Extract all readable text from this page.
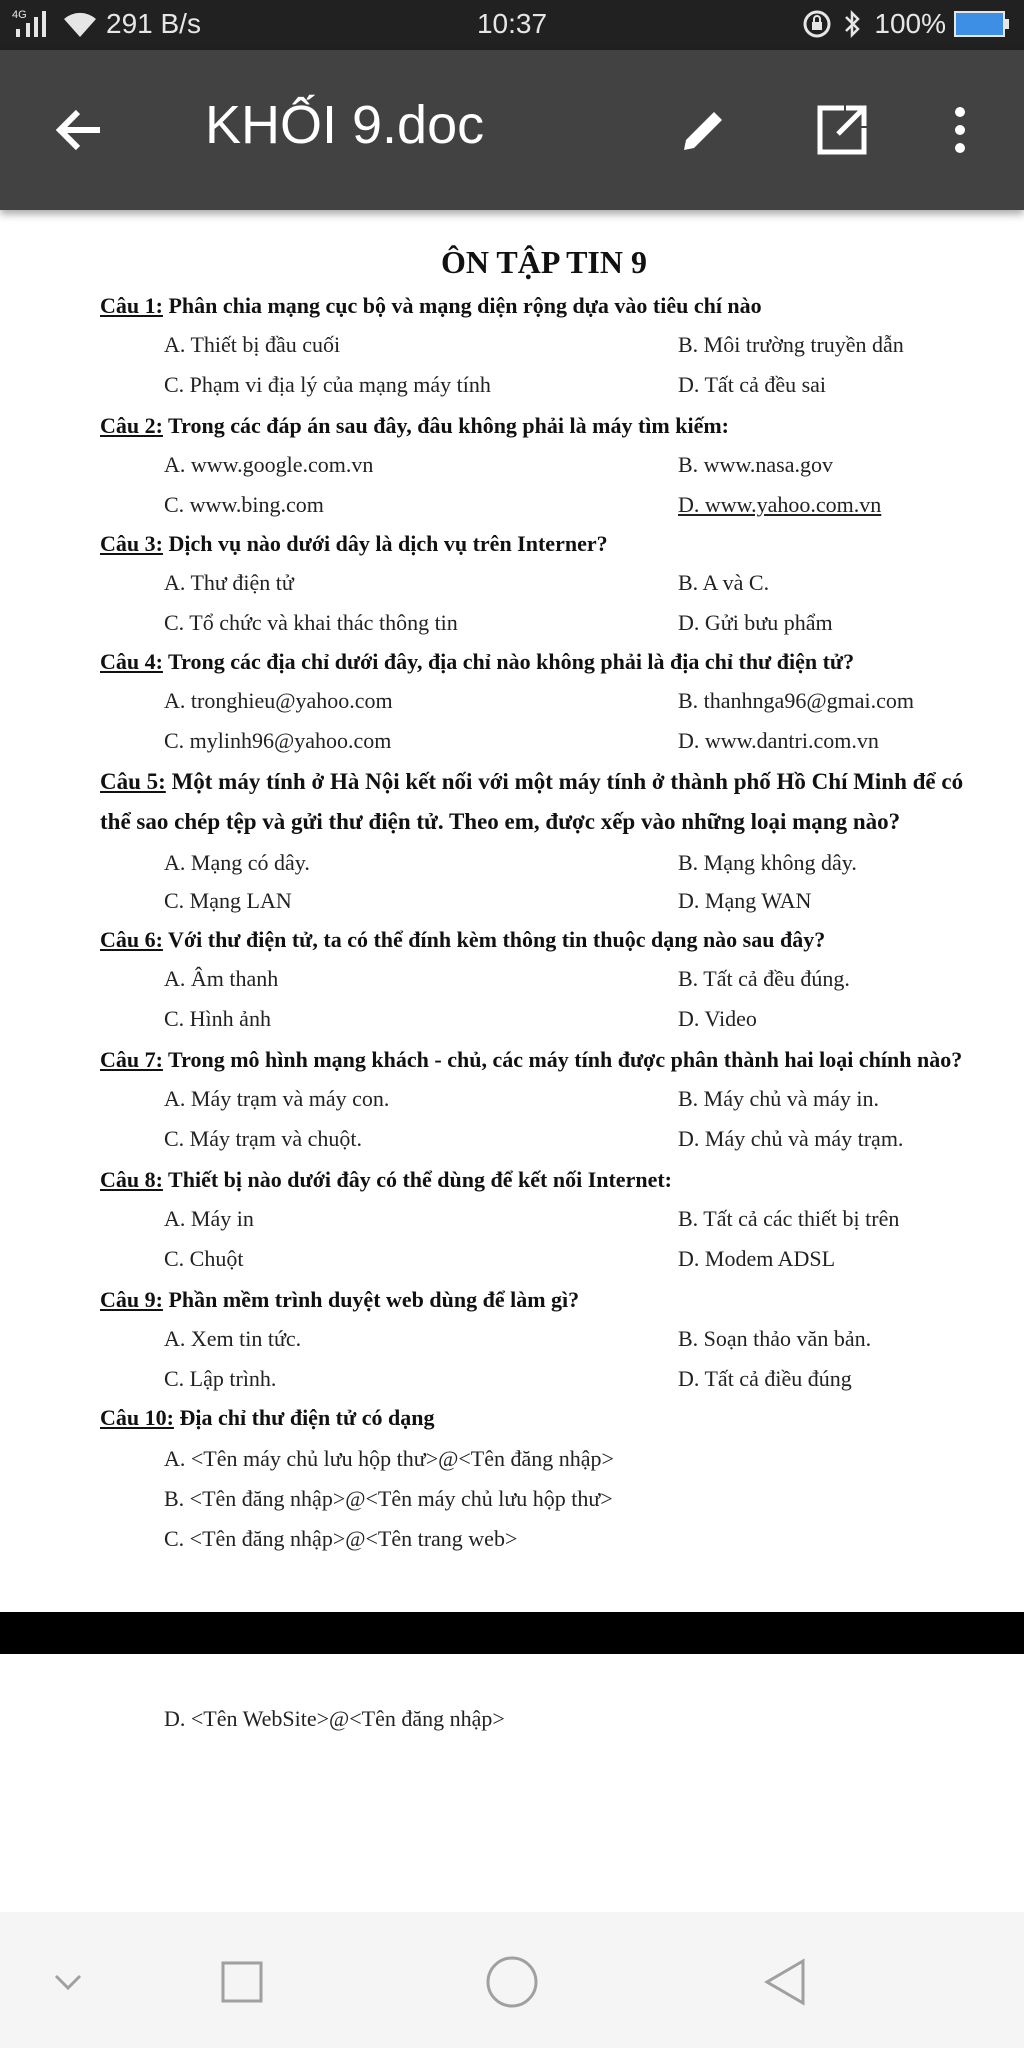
4G	291 B/s	10:37	100%
KHỐI 9.doc
ÔN TẬP TIN 9
Câu 1: Phân chia mạng cục bộ và mạng diện rộng dựa vào tiêu chí nào
A. Thiết bị đầu cuối	B. Môi trường truyền dẫn
C. Phạm vi địa lý của mạng máy tính	D. Tất cả đều sai
Câu 2: Trong các đáp án sau đây, đâu không phải là máy tìm kiếm:
A. www.google.com.vn	B. www.nasa.gov
C. www.bing.com	D. www.yahoo.com.vn
Câu 3: Dịch vụ nào dưới dây là dịch vụ trên Interner?
A. Thư điện tử	B. A và C.
C. Tổ chức và khai thác thông tin	D. Gửi bưu phẩm
Câu 4: Trong các địa chỉ dưới đây, địa chỉ nào không phải là địa chỉ thư điện tử?
A. tronghieu@yahoo.com	B. thanhnga96@gmai.com
C. mylinh96@yahoo.com	D. www.dantri.com.vn
Câu 5: Một máy tính ở Hà Nội kết nối với một máy tính ở thành phố Hồ Chí Minh để có
thể sao chép tệp và gửi thư điện tử. Theo em, được xếp vào những loại mạng nào?
A. Mạng có dây.	B. Mạng không dây.
C. Mạng LAN	D. Mạng WAN
Câu 6: Với thư điện tử, ta có thể đính kèm thông tin thuộc dạng nào sau đây?
A. Âm thanh	B. Tất cả đều đúng.
C. Hình ảnh	D. Video
Câu 7: Trong mô hình mạng khách - chủ, các máy tính được phân thành hai loại chính nào?
A. Máy trạm và máy con.	B. Máy chủ và máy in.
C. Máy trạm và chuột.	D. Máy chủ và máy trạm.
Câu 8: Thiết bị nào dưới đây có thể dùng để kết nối Internet:
A. Máy in	B. Tất cả các thiết bị trên
C. Chuột	D. Modem ADSL
Câu 9: Phần mềm trình duyệt web dùng để làm gì?
A. Xem tin tức.	B. Soạn thảo văn bản.
C. Lập trình.	D. Tất cả điều đúng
Câu 10: Địa chỉ thư điện tử có dạng
A. <Tên máy chủ lưu hộp thư>@<Tên đăng nhập>
B. <Tên đăng nhập>@<Tên máy chủ lưu hộp thư>
C. <Tên đăng nhập>@<Tên trang web>
D. <Tên WebSite>@<Tên đăng nhập>
